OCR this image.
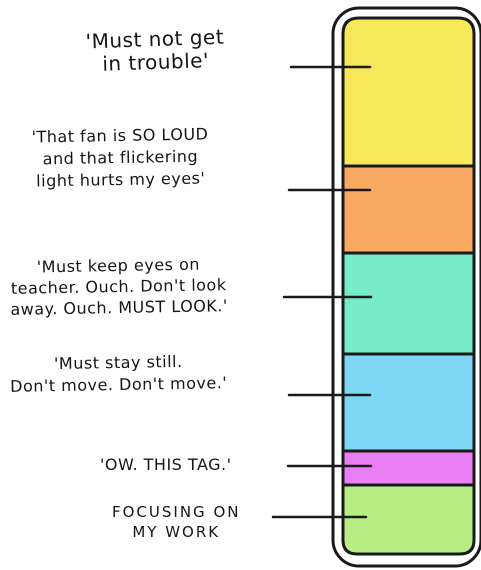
'Must not get
in trouble'
'That fan is SO LOUD
and that flickering
light hurts my eyes'
'Must keep eyes on
teacher. Ouch. Don't look
away. Ouch. MUST LOOK.'
'Must stay still.
Don't move. Don't move.'
'OW. THIS TAG.'
FOCUSING ON
MY WORK
